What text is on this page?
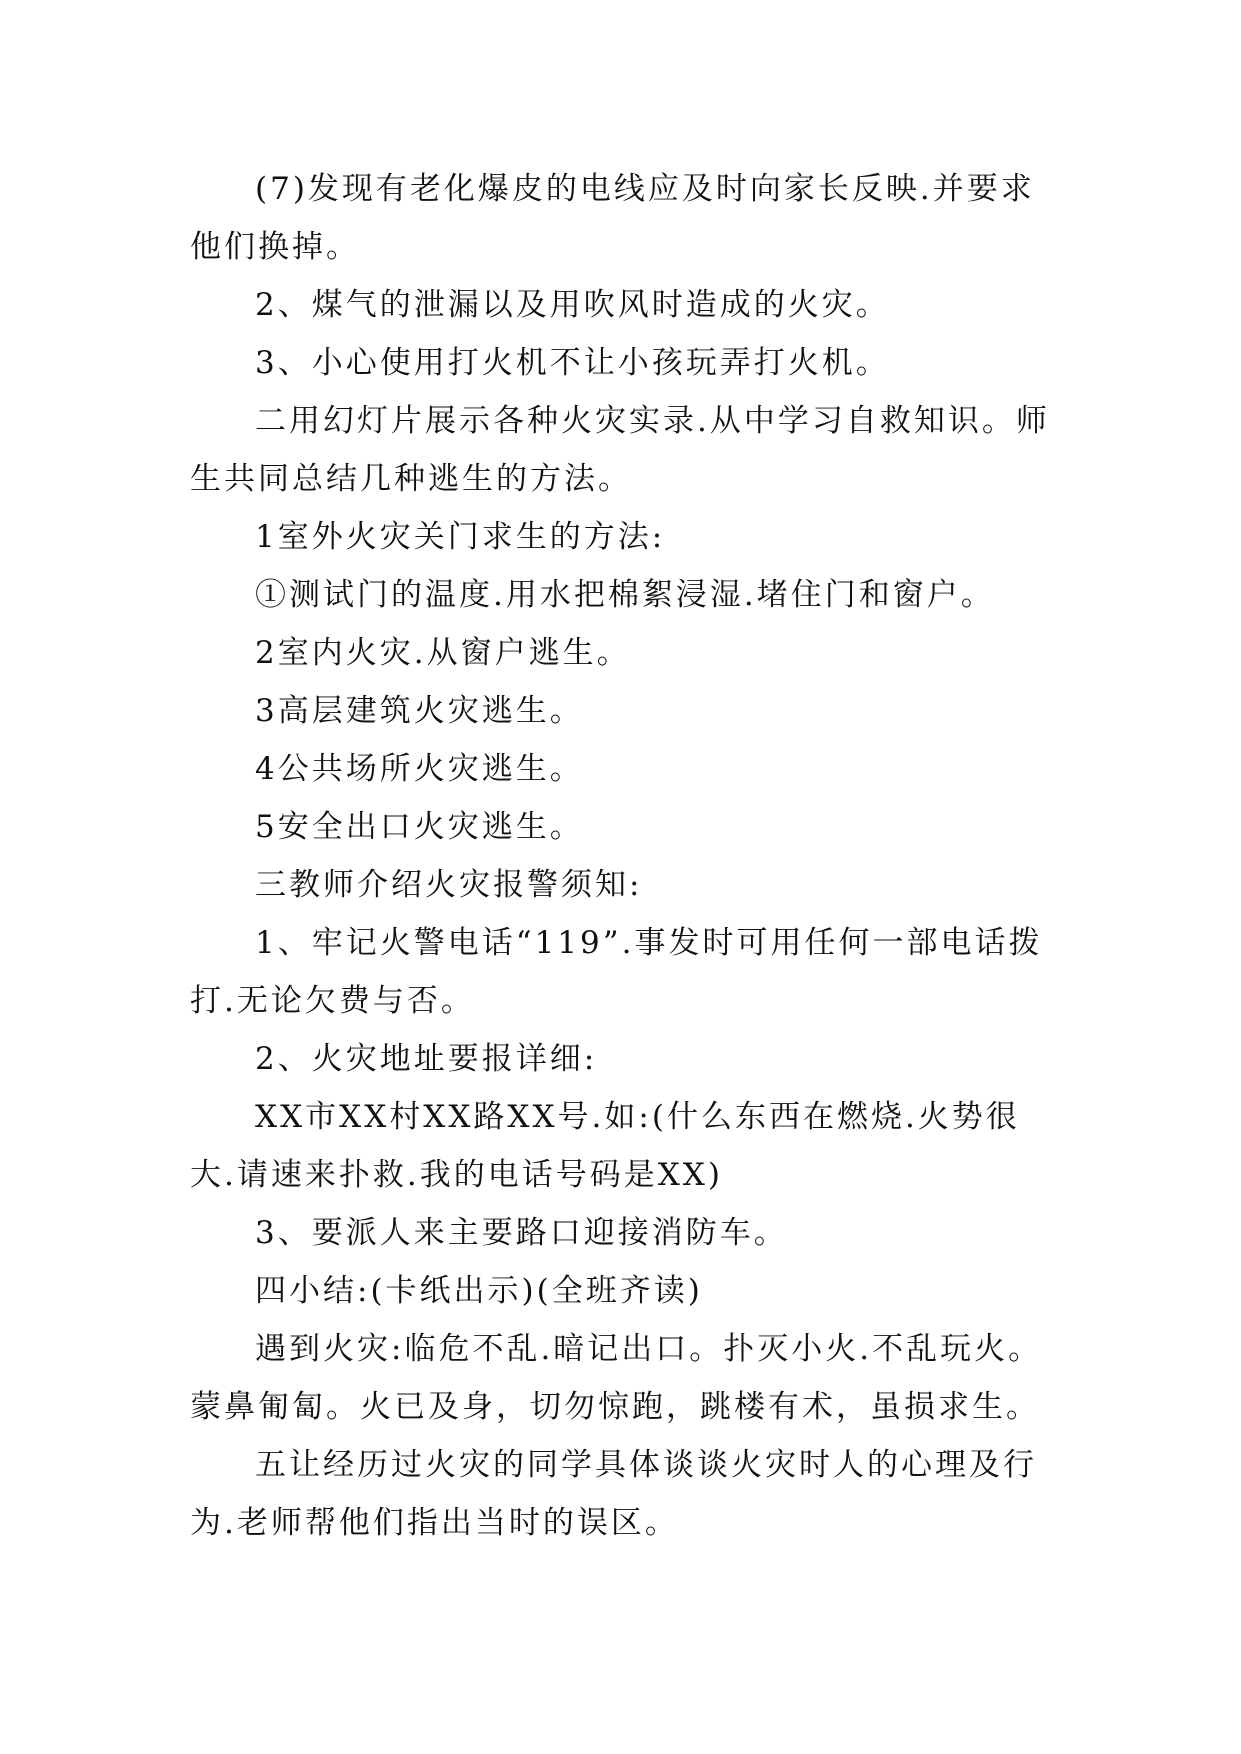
(7)发现有老化爆皮的电线应及时向家长反映.并要求他们换掉。

2、煤气的泄漏以及用吹风时造成的火灾。

3、小心使用打火机不让小孩玩弄打火机。

二用幻灯片展示各种火灾实录.从中学习自救知识。师生共同总结几种逃生的方法。

1室外火灾关门求生的方法:

①测试门的温度.用水把棉絮浸湿.堵住门和窗户。

2室内火灾.从窗户逃生。

3高层建筑火灾逃生。

4公共场所火灾逃生。

5安全出口火灾逃生。

三教师介绍火灾报警须知:

1、牢记火警电话“119”.事发时可用任何一部电话拨打.无论欠费与否。

2、火灾地址要报详细:

XX市XX村XX路XX号.如:(什么东西在燃烧.火势很大.请速来扑救.我的电话号码是XX)

3、要派人来主要路口迎接消防车。

四小结:(卡纸出示)(全班齐读)

遇到火灾:临危不乱.暗记出口。扑灭小火.不乱玩火。蒙鼻匍匐。火已及身，切勿惊跑，跳楼有术，虽损求生。

五让经历过火灾的同学具体谈谈火灾时人的心理及行为.老师帮他们指出当时的误区。
